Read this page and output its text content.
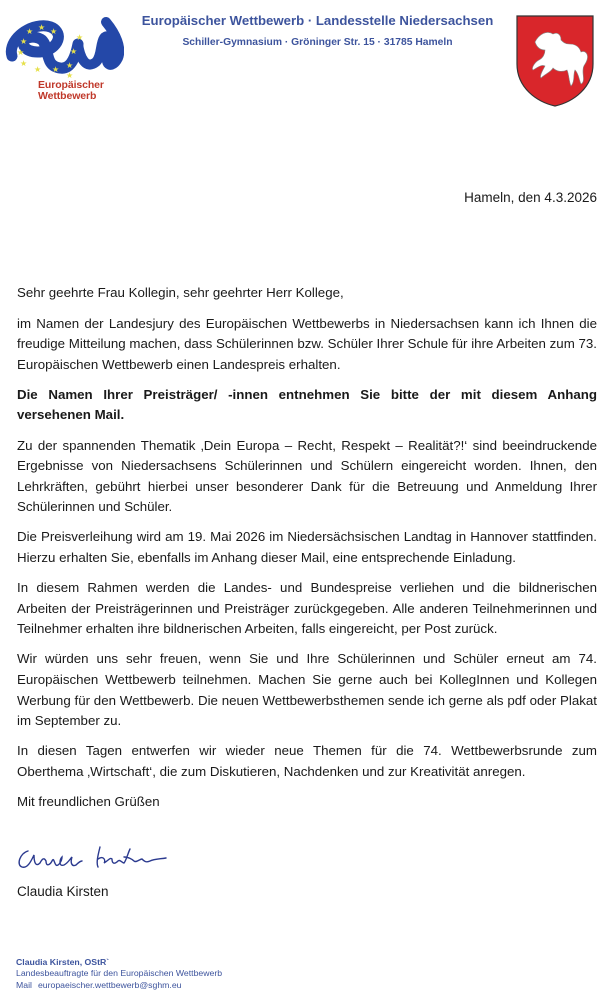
★ ★ ★
★
★
★
★ ★ ★
★
★
★
Europäischer
Wettbewerb
Europäischer Wettbewerb · Landesstelle Niedersachsen
Schiller-Gymnasium · Gröninger Str. 15 · 31785 Hameln
Hameln, den 4.3.2026

Sehr geehrte Frau Kollegin, sehr geehrter Herr Kollege,

im Namen der Landesjury des Europäischen Wettbewerbs in Niedersachsen kann ich Ihnen die freudige Mitteilung machen, dass Schülerinnen bzw. Schüler Ihrer Schule für ihre Arbeiten zum 73. Europäischen Wettbewerb einen Landespreis erhalten.

Die Namen Ihrer Preisträger/ -innen entnehmen Sie bitte der mit diesem Anhang versehenen Mail.

Zu der spannenden Thematik ‚Dein Europa – Recht, Respekt – Realität?!‘ sind beeindruckende Ergebnisse von Niedersachsens Schülerinnen und Schülern eingereicht worden. Ihnen, den Lehrkräften, gebührt hierbei unser besonderer Dank für die Betreuung und Anmeldung Ihrer Schülerinnen und Schüler.

Die Preisverleihung wird am 19. Mai 2026 im Niedersächsischen Landtag in Hannover stattfinden. Hierzu erhalten Sie, ebenfalls im Anhang dieser Mail, eine entsprechende Einladung.

In diesem Rahmen werden die Landes- und Bundespreise verliehen und die bildnerischen Arbeiten der Preisträgerinnen und Preisträger zurückgegeben. Alle anderen Teilnehmerinnen und Teilnehmer erhalten ihre bildnerischen Arbeiten, falls eingereicht, per Post zurück.

Wir würden uns sehr freuen, wenn Sie und Ihre Schülerinnen und Schüler erneut am 74. Europäischen Wettbewerb teilnehmen. Machen Sie gerne auch bei KollegInnen und Kollegen Werbung für den Wettbewerb. Die neuen Wettbewerbsthemen sende ich gerne als pdf oder Plakat im September zu.

In diesen Tagen entwerfen wir wieder neue Themen für die 74. Wettbewerbsrunde zum Oberthema ‚Wirtschaft‘, die zum Diskutieren, Nachdenken und zur Kreativität anregen.

Mit freundlichen Grüßen

Claudia Kirsten
Claudia Kirsten, OStR`
Landesbeauftragte für den Europäischen Wettbewerb
Mail europaeischer.wettbewerb@sghm.eu
